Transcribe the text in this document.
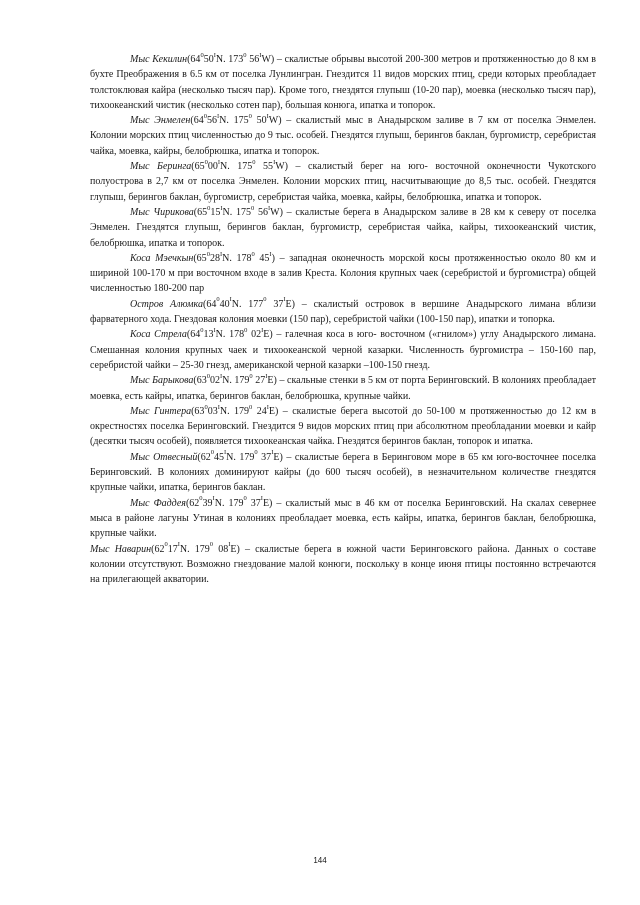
Мыс $Кекилин(64^050^IN$. $173^0$ $56^IW$) – скалистые обрывы высотой 200-300 метров и протяженностью до 8 км в бухте Преображения в 6.5 км от поселка Лунлингран. Гнездится 11 видов морских птиц, среди которых преобладает толстоклювая кайра (несколько тысяч пар). Кроме того, гнездятся глупыш (10-20 пар), моевка (несколько тысяч пар), тихоокеанский чистик (несколько сотен пар), большая конюга, ипатка и топорок.

Мыс $Энмелен(64^056^IN$. $175^0$ $50^IW$) – скалистый мыс в Анадырском заливе в 7 км от поселка Энмелен. Колонии морских птиц численностью до 9 тыс. особей. Гнездятся глупыш, берингов баклан, бургомистр, серебристая чайка, моевка, кайры, белобрюшка, ипатка и топорок.

Мыс $Беринга(65^000^IN$. $175^0$ $55^IW$) – скалистый берег на юго- восточной оконечности Чукотского полуострова в 2,7 км от поселка Энмелен. Колонии морских птиц, насчитывающие до 8,5 тыс. особей. Гнездятся глупыш, берингов баклан, бургомистр, серебристая чайка, моевка, кайры, белобрюшка, ипатка и топорок.

Мыс $Чирикова(65^015^IN$. $175^0$ $56^IW$) – скалистые берега в Анадырском заливе в 28 км к северу от поселка Энмелен. Гнездятся глупыш, берингов баклан, бургомистр, серебристая чайка, кайры, тихоокеанский чистик, белобрюшка, ипатка и топорок.

Коса $Мэечкын(65^028^IN$. $178^0$ $45^I$) – западная оконечность морской косы протяженностью около 80 км и шириной 100-170 м при восточном входе в залив Креста. Колония крупных чаек (серебристой и бургомистра) общей численностью 180-200 пар

Остров $Алюмка(64^040^IN$. $177^0$ $37^IE$) – скалистый островок в вершине Анадырского лимана вблизи фарватерного хода. Гнездовая колония моевки (150 пар), серебристой чайки (100-150 пар), ипатки и топорка.

Коса $Стрела(64^013^IN$. $178^0$ $02^IE$) – галечная коса в юго- восточном («гнилом») углу Анадырского лимана. Смешанная колония крупных чаек и тихоокеанской черной казарки. Численность бургомистра – 150-160 пар, серебристой чайки – 25-30 гнезд, американской черной казарки –100-150 гнезд.

Мыс $Барыкова(63^002^IN$. $179^0$ $27^IE$) – скальные стенки в 5 км от порта Беринговский. В колониях преобладает моевка, есть кайры, ипатка, берингов баклан, белобрюшка, крупные чайки.

Мыс $Гинтера(63^003^IN$. $179^0$ $24^IE$) – скалистые берега высотой до 50-100 м протяженностью до 12 км в окрестностях поселка Беринговский. Гнездится 9 видов морских птиц при абсолютном преобладании моевки и кайр (десятки тысяч особей), появляется тихоокеанская чайка. Гнездятся берингов баклан, топорок и ипатка.

Мыс $Отвесный(62^045^IN$. $179^0$ $37^IE$) – скалистые берега в Беринговом море в 65 км юго-восточнее поселка Беринговский. В колониях доминируют кайры (до 600 тысяч особей), в незначительном количестве гнездятся крупные чайки, ипатка, берингов баклан.

Мыс $Фаддея(62^039^IN$. $179^0$ $37^IE$) – скалистый мыс в 46 км от поселка Беринговский. На скалах севернее мыса в районе лагуны Утиная в колониях преобладает моевка, есть кайры, ипатка, берингов баклан, белобрюшка, крупные чайки.

Мыс $Наварин(62^017^IN$. $179^0$ $08^IE$) – скалистые берега в южной части Беринговского района. Данных о составе колонии отсутствуют. Возможно гнездование малой конюги, поскольку в конце июня птицы постоянно встречаются на прилегающей акватории.

144
